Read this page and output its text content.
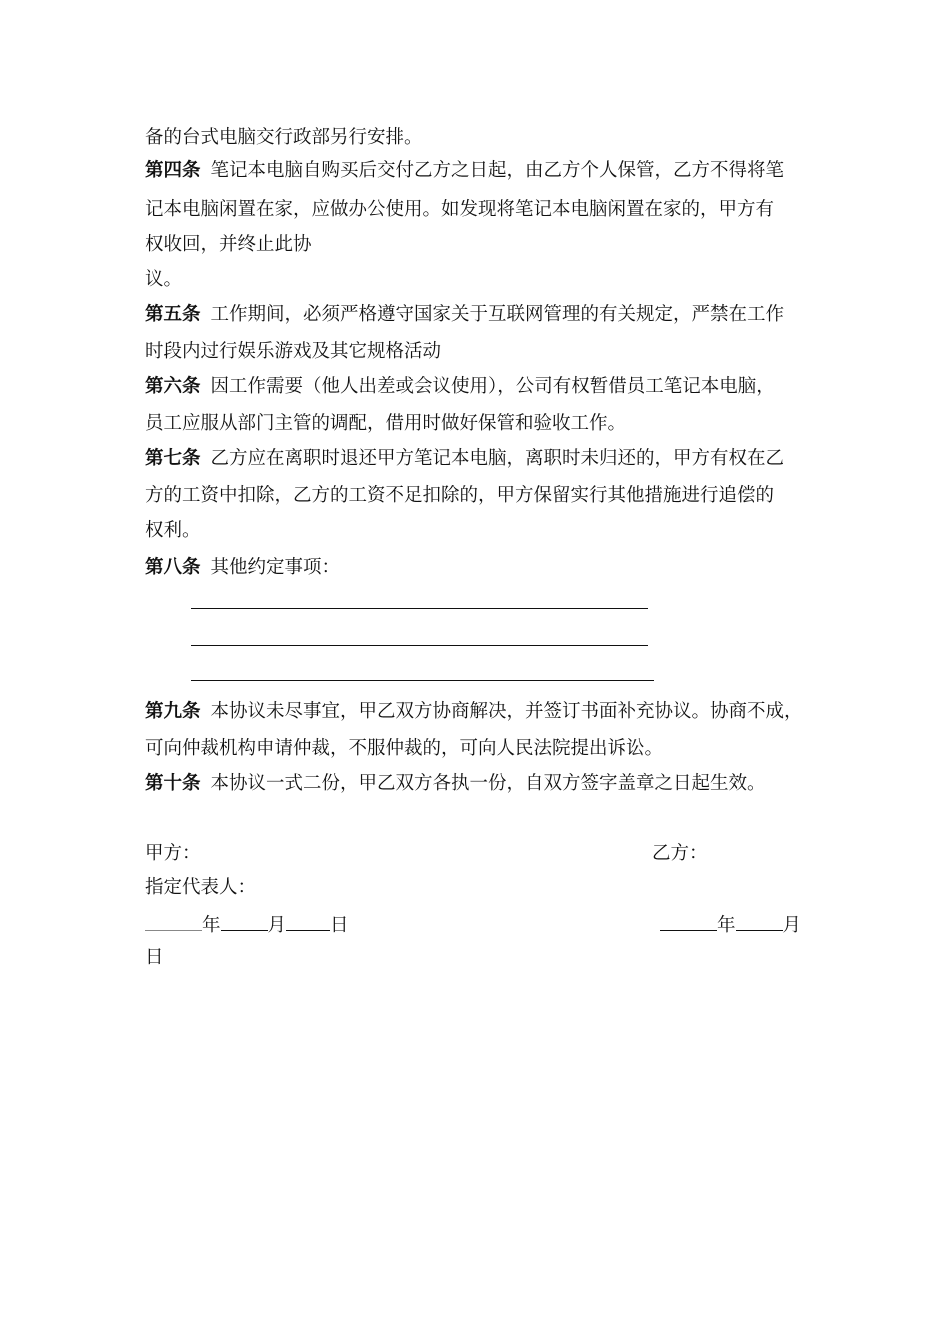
备的台式电脑交行政部另行安排。
第四条 笔记本电脑自购买后交付乙方之日起，由乙方个人保管，乙方不得将笔
记本电脑闲置在家，应做办公使用。如发现将笔记本电脑闲置在家的，甲方有
权收回，并终止此协
议。
第五条 工作期间，必须严格遵守国家关于互联网管理的有关规定，严禁在工作
时段内过行娱乐游戏及其它规格活动
第六条 因工作需要（他人出差或会议使用），公司有权暂借员工笔记本电脑，
员工应服从部门主管的调配，借用时做好保管和验收工作。
第七条 乙方应在离职时退还甲方笔记本电脑，离职时未归还的，甲方有权在乙
方的工资中扣除，乙方的工资不足扣除的，甲方保留实行其他措施进行追偿的
权利。
第八条 其他约定事项：
第九条 本协议未尽事宜，甲乙双方协商解决，并签订书面补充协议。协商不成，
可向仲裁机构申请仲裁，不服仲裁的，可向人民法院提出诉讼。
第十条 本协议一式二份，甲乙双方各执一份，自双方签字盖章之日起生效。
甲方：	乙方：
指定代表人：
年	月 日	年	月
日
